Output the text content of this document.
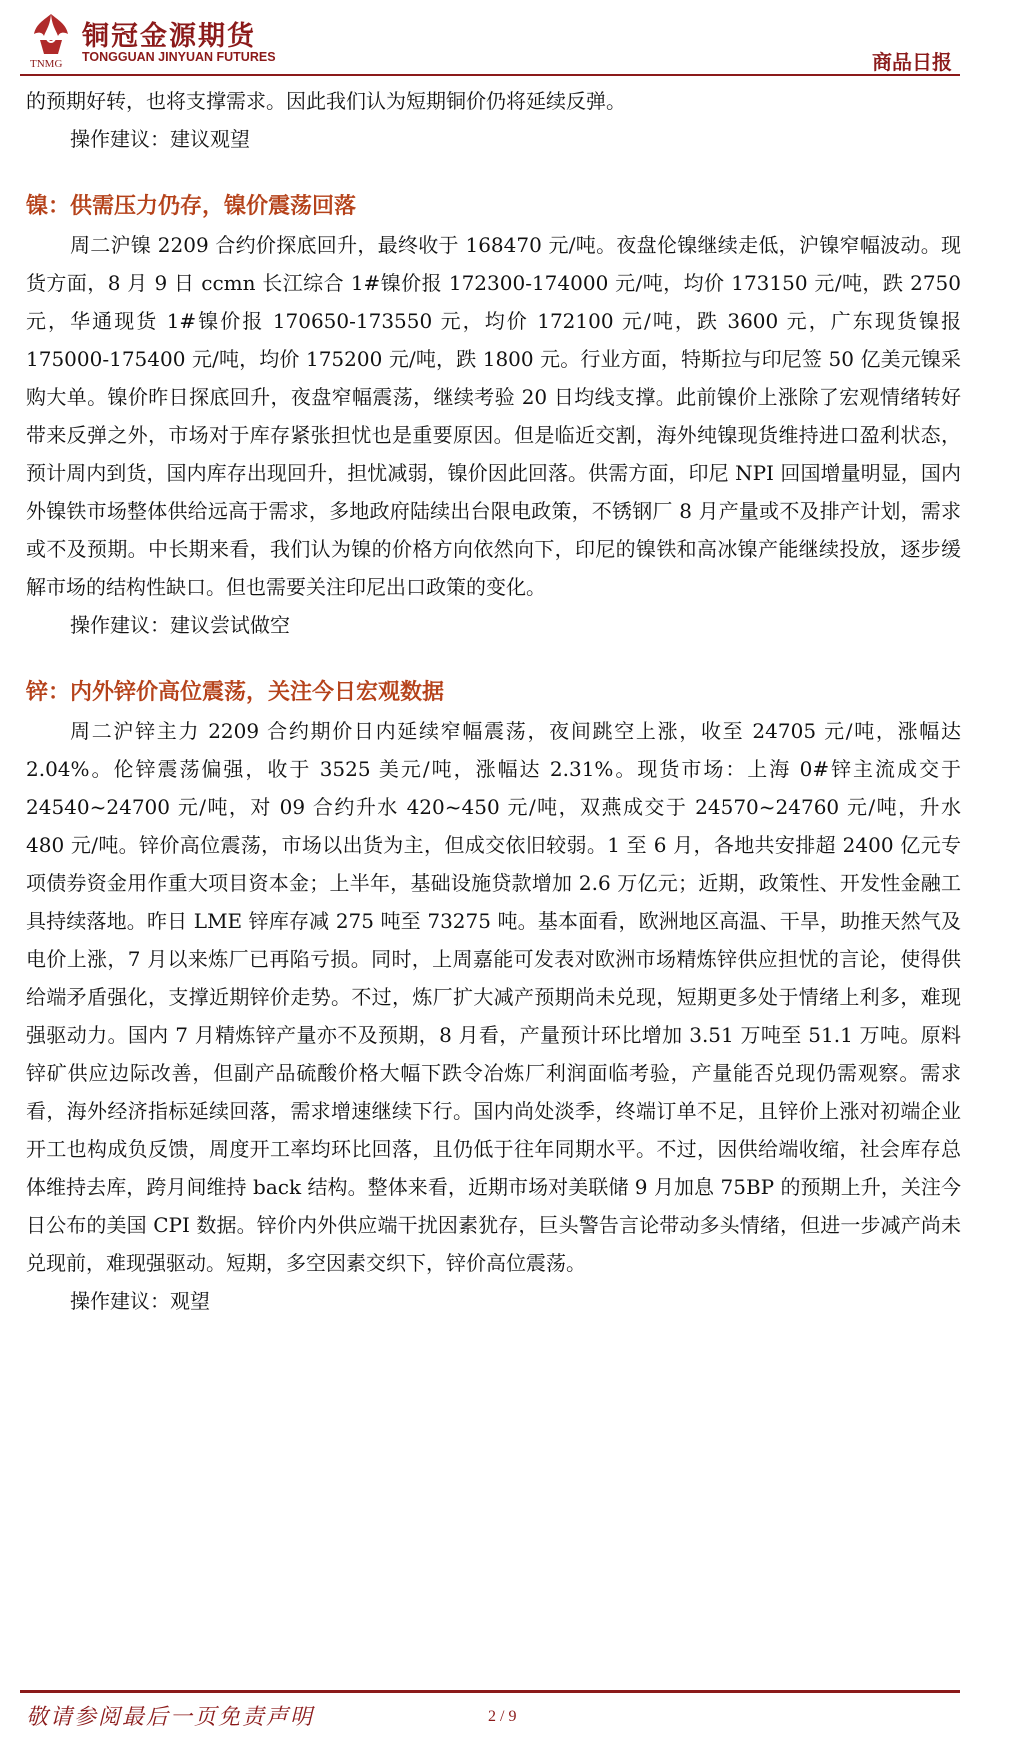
TNMG
铜冠金源期货
TONGGUAN JINYUAN FUTURES	商品日报

的预期好转，也将支撑需求。因此我们认为短期铜价仍将延续反弹。

操作建议：建议观望

镍：供需压力仍存，镍价震荡回落

周二沪镍 2209 合约价探底回升，最终收于 168470 元/吨。夜盘伦镍继续走低，沪镍窄幅波动。现货方面，8 月 9 日 ccmn 长江综合 1#镍价报 172300-174000 元/吨，均价 173150 元/吨，跌 2750 元，华通现货 1#镍价报 170650-173550 元，均价 172100 元/吨，跌 3600 元，广东现货镍报 175000-175400 元/吨，均价 175200 元/吨，跌 1800 元。行业方面，特斯拉与印尼签 50 亿美元镍采购大单。镍价昨日探底回升，夜盘窄幅震荡，继续考验 20 日均线支撑。此前镍价上涨除了宏观情绪转好带来反弹之外，市场对于库存紧张担忧也是重要原因。但是临近交割，海外纯镍现货维持进口盈利状态，预计周内到货，国内库存出现回升，担忧减弱，镍价因此回落。供需方面，印尼 NPI 回国增量明显，国内外镍铁市场整体供给远高于需求，多地政府陆续出台限电政策，不锈钢厂 8 月产量或不及排产计划，需求或不及预期。中长期来看，我们认为镍的价格方向依然向下，印尼的镍铁和高冰镍产能继续投放，逐步缓解市场的结构性缺口。但也需要关注印尼出口政策的变化。

操作建议：建议尝试做空

锌：内外锌价高位震荡，关注今日宏观数据

周二沪锌主力 2209 合约期价日内延续窄幅震荡，夜间跳空上涨，收至 24705 元/吨，涨幅达 2.04%。伦锌震荡偏强，收于 3525 美元/吨，涨幅达 2.31%。现货市场：上海 0#锌主流成交于 24540~24700 元/吨，对 09 合约升水 420~450 元/吨，双燕成交于 24570~24760 元/吨，升水 480 元/吨。锌价高位震荡，市场以出货为主，但成交依旧较弱。1 至 6 月，各地共安排超 2400 亿元专项债券资金用作重大项目资本金；上半年，基础设施贷款增加 2.6 万亿元；近期，政策性、开发性金融工具持续落地。昨日 LME 锌库存减 275 吨至 73275 吨。基本面看，欧洲地区高温、干旱，助推天然气及电价上涨，7 月以来炼厂已再陷亏损。同时，上周嘉能可发表对欧洲市场精炼锌供应担忧的言论，使得供给端矛盾强化，支撑近期锌价走势。不过，炼厂扩大减产预期尚未兑现，短期更多处于情绪上利多，难现强驱动力。国内 7 月精炼锌产量亦不及预期，8 月看，产量预计环比增加 3.51 万吨至 51.1 万吨。原料锌矿供应边际改善，但副产品硫酸价格大幅下跌令冶炼厂利润面临考验，产量能否兑现仍需观察。需求看，海外经济指标延续回落，需求增速继续下行。国内尚处淡季，终端订单不足，且锌价上涨对初端企业开工也构成负反馈，周度开工率均环比回落，且仍低于往年同期水平。不过，因供给端收缩，社会库存总体维持去库，跨月间维持 back 结构。整体来看，近期市场对美联储 9 月加息 75BP 的预期上升，关注今日公布的美国 CPI 数据。锌价内外供应端干扰因素犹存，巨头警告言论带动多头情绪，但进一步减产尚未兑现前，难现强驱动。短期，多空因素交织下，锌价高位震荡。

操作建议：观望

敬请参阅最后一页免责声明	2 / 9
